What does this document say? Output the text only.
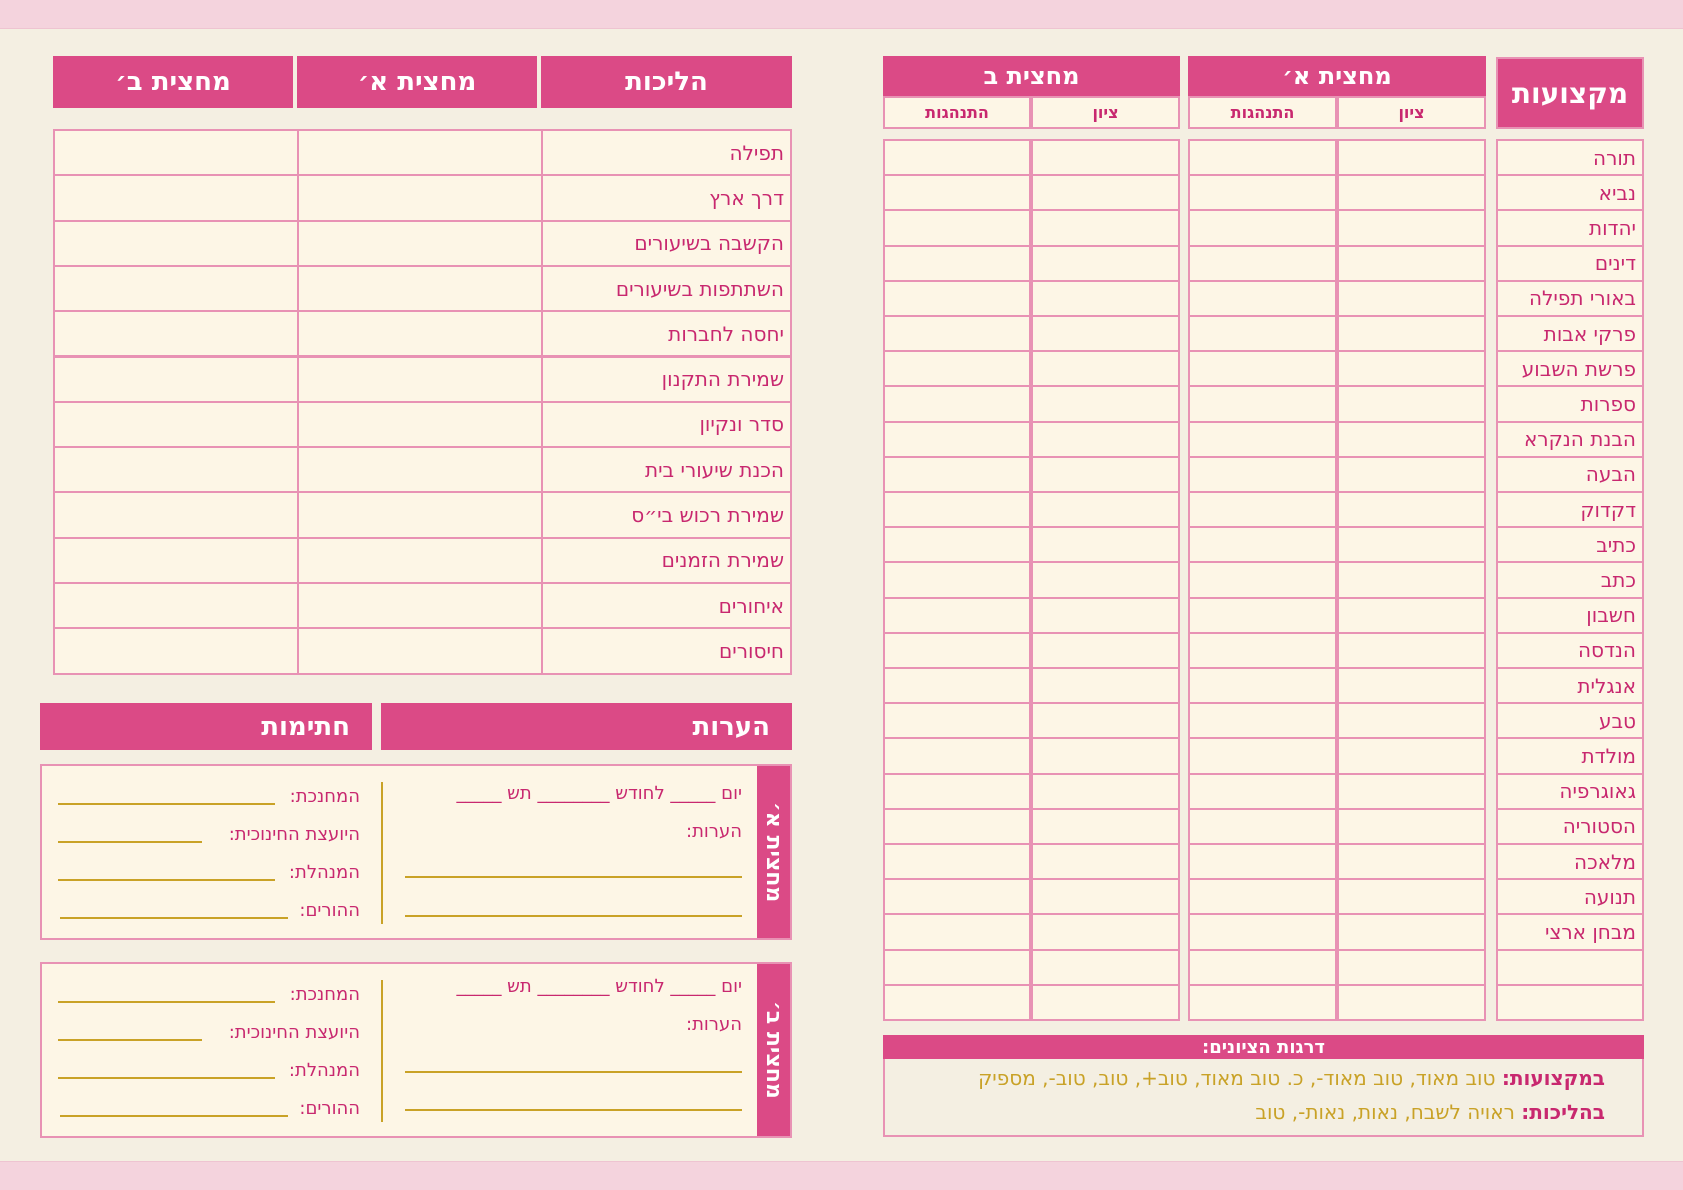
מקצועות
מחצית א׳
ציון
התנהגות
מחצית ב
ציון
התנהגות
תורה
נביא
יהדות
דינים
באורי תפילה
פרקי אבות
פרשת השבוע
ספרות
הבנת הנקרא
הבעה
דקדוק
כתיב
כתב
חשבון
הנדסה
אנגלית
טבע
מולדת
גאוגרפיה
הסטוריה
מלאכה
תנועה
מבחן ארצי
דרגות הציונים:
במקצועות: טוב מאוד, טוב מאוד-, כ. טוב מאוד, טוב+, טוב, טוב-, מספיק
בהליכות: ראויה לשבח, נאות, נאות-, טוב
הליכות
מחצית א׳
מחצית ב׳
תפילה
דרך ארץ
הקשבה בשיעורים
השתתפות בשיעורים
יחסה לחברות
שמירת התקנון
סדר ונקיון
הכנת שיעורי בית
שמירת רכוש בי״ס
שמירת הזמנים
איחורים
חיסורים
הערות
חתימות
מחצית א׳
יום _____ לחודש ________ תש _____
הערות:
המחנכת:
היועצת החינוכית:
המנהלת:
ההורים:
מחצית ב׳
יום _____ לחודש ________ תש _____
הערות:
המחנכת:
היועצת החינוכית:
המנהלת:
ההורים:
